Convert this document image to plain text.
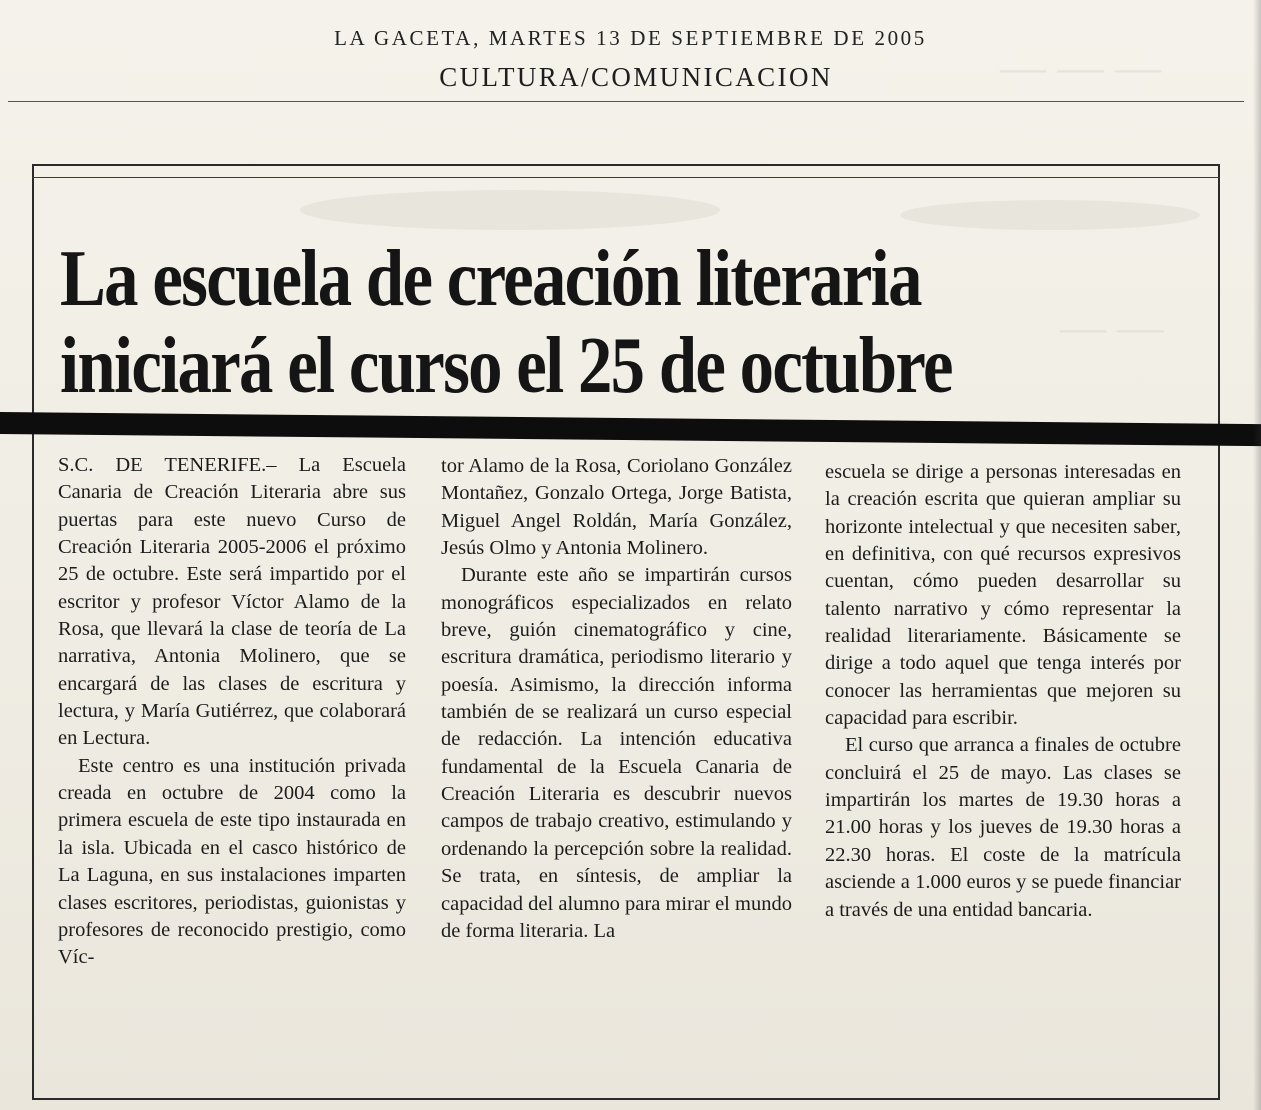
— — —
— —
LA GACETA, MARTES 13 DE SEPTIEMBRE DE 2005
CULTURA/COMUNICACION
La escuela de creación literaria
iniciará el curso el 25 de octubre

S.C. DE TENERIFE.– La Escuela Canaria de Creación Literaria abre sus puertas para este nuevo Curso de Creación Literaria 2005-2006 el próximo 25 de octubre. Este será impartido por el escritor y profesor Víctor Alamo de la Rosa, que llevará la clase de teoría de La narrativa, Antonia Molinero, que se encargará de las clases de escritura y lectura, y María Gutiérrez, que colaborará en Lectura.

Este centro es una institución privada creada en octubre de 2004 como la primera escuela de este tipo instaurada en la isla. Ubicada en el casco histórico de La Laguna, en sus instalaciones imparten clases escritores, periodistas, guionistas y profesores de reconocido prestigio, como Víc-

tor Alamo de la Rosa, Coriolano González Montañez, Gonzalo Ortega, Jorge Batista, Miguel Angel Roldán, María González, Jesús Olmo y Antonia Molinero.

Durante este año se impartirán cursos monográficos especializados en relato breve, guión cinematográfico y cine, escritura dramática, periodismo literario y poesía. Asimismo, la dirección informa también de se realizará un curso especial de redacción. La intención educativa fundamental de la Escuela Canaria de Creación Literaria es descubrir nuevos campos de trabajo creativo, estimulando y ordenando la percepción sobre la realidad. Se trata, en síntesis, de ampliar la capacidad del alumno para mirar el mundo de forma literaria. La

escuela se dirige a personas interesadas en la creación escrita que quieran ampliar su horizonte intelectual y que necesiten saber, en definitiva, con qué recursos expresivos cuentan, cómo pueden desarrollar su talento narrativo y cómo representar la realidad literariamente. Básicamente se dirige a todo aquel que tenga interés por conocer las herramientas que mejoren su capacidad para escribir.

El curso que arranca a finales de octubre concluirá el 25 de mayo. Las clases se impartirán los martes de 19.30 horas a 21.00 horas y los jueves de 19.30 horas a 22.30 horas. El coste de la matrícula asciende a 1.000 euros y se puede financiar a través de una entidad bancaria.
